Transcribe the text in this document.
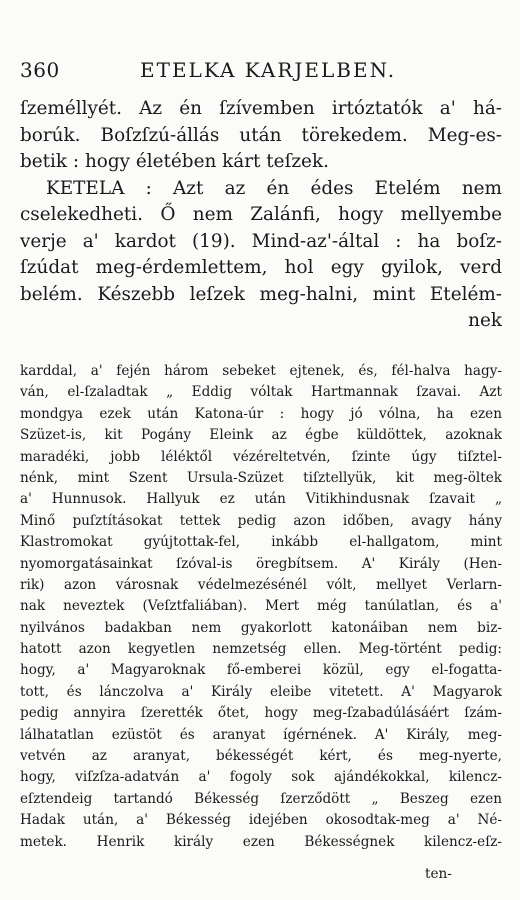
360	ETELKA KARJELBEN.
ſzeméllyét. Az én ſzívemben irtóztatók a' há-
borúk. Boſzſzú-állás után törekedem. Meg-es-
betik : hogy életében kárt teſzek.
KETELA : Azt az én édes Etelém nem
cselekedheti. Ő nem Zalánfi, hogy mellyembe
verje a' kardot (19). Mind-az'-által : ha boſz-
ſzúdat meg-érdemlettem, hol egy gyilok, verd
belém. Készebb leſzek meg-halni, mint Etelém-
nek
karddal, a' fején három sebeket ejtenek, és, fél-halva hagy-
ván, el-ſzaladtak „ Eddig vóltak Hartmannak ſzavai. Azt
mondgya ezek után Katona-úr : hogy jó vólna, ha ezen
Szüzet-is, kit Pogány Eleink az égbe küldöttek, azoknak
maradéki, jobb léléktől vézéreltetvén, ſzinte úgy tiſztel-
nénk, mint Szent Ursula-Szüzet tiſztellyük, kit meg-öltek
a' Hunnusok. Hallyuk ez után Vitikhindusnak ſzavait „
Minő puſztításokat tettek pedig azon időben, avagy hány
Klastromokat gyújtottak-fel, inkább el-hallgatom, mint
nyomorgatásainkat ſzóval-is öregbítsem. A' Király (Hen-
rik) azon városnak védelmezésénél vólt, mellyet Verlarn-
nak neveztek (Veſztfaliában). Mert még tanúlatlan, és a'
nyilvános badakban nem gyakorlott katonáiban nem biz-
hatott azon kegyetlen nemzetség ellen. Meg-történt pedig:
hogy, a' Magyaroknak fő-emberei közül, egy el-fogatta-
tott, és lánczolva a' Király eleibe vitetett. A' Magyarok
pedig annyira ſzerették őtet, hogy meg-ſzabadúlásáért ſzám-
lálhatatlan ezüstöt és aranyat ígérnének. A' Király, meg-
vetvén az aranyat, békességét kért, és meg-nyerte,
hogy, viſzſza-adatván a' fogoly sok ajándékokkal, kilencz-
eſztendeig tartandó Békesség ſzerződött „ Beszeg ezen
Hadak után, a' Békesség idejében okosodtak-meg a' Né-
metek. Henrik király ezen Békességnek kilencz-eſz-
ten-
